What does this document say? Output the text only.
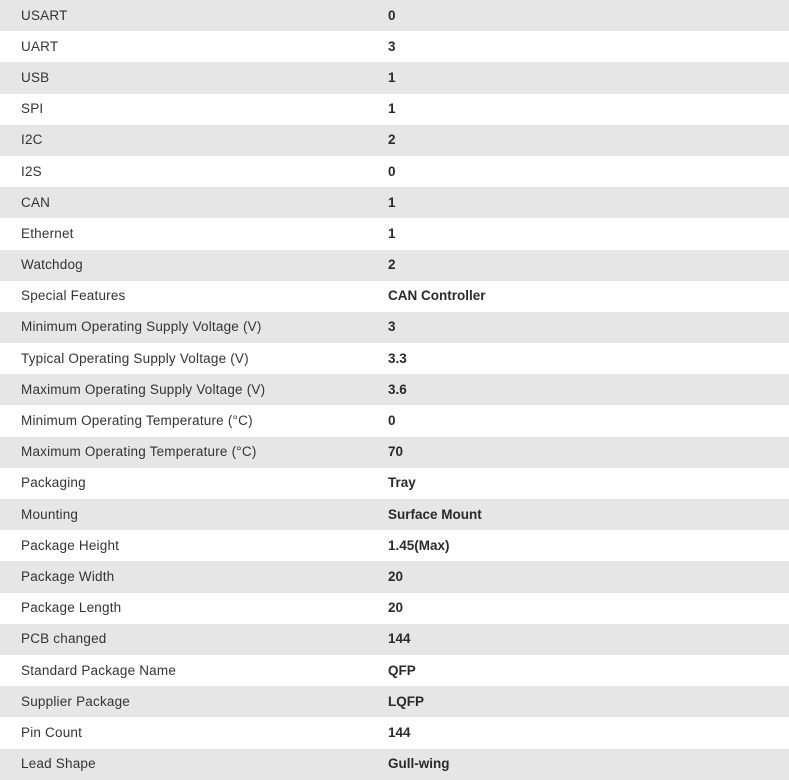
USART	0
UART	3
USB	1
SPI	1
I2C	2
I2S	0
CAN	1
Ethernet	1
Watchdog	2
Special Features	CAN Controller
Minimum Operating Supply Voltage (V)	3
Typical Operating Supply Voltage (V)	3.3
Maximum Operating Supply Voltage (V)	3.6
Minimum Operating Temperature (°C)	0
Maximum Operating Temperature (°C)	70
Packaging	Tray
Mounting	Surface Mount
Package Height	1.45(Max)
Package Width	20
Package Length	20
PCB changed	144
Standard Package Name	QFP
Supplier Package	LQFP
Pin Count	144
Lead Shape	Gull-wing
